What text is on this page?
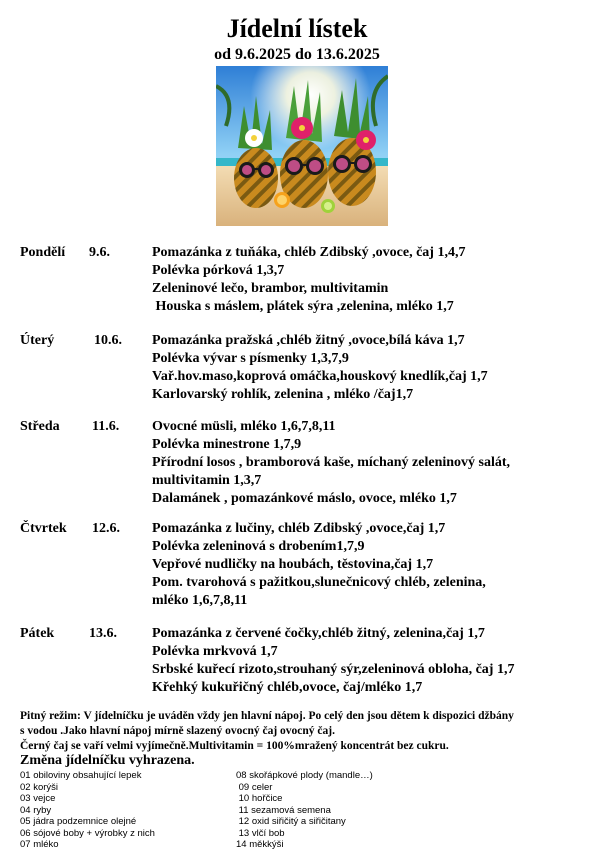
Jídelní lístek
od 9.6.2025 do 13.6.2025
Pondělí 9.6.	Pomazánka z tuňáka, chléb Zdibský ,ovoce, čaj 1,4,7
Polévka pórková 1,3,7
Zeleninové lečo, brambor, multivitamin
Houska s máslem, plátek sýra ,zelenina, mléko 1,7
Úterý	10.6. Pomazánka pražská ,chléb žitný ,ovoce,bílá káva 1,7
Polévka vývar s písmenky 1,3,7,9
Vař.hov.maso,koprová omáčka,houskový knedlík,čaj 1,7
Karlovarský rohlík, zelenina , mléko /čaj1,7
Středa 11.6. Ovocné müsli, mléko 1,6,7,8,11
Polévka minestrone 1,7,9
Přírodní losos , bramborová kaše, míchaný zeleninový salát,
multivitamin 1,3,7
Dalamánek , pomazánkové máslo, ovoce, mléko 1,7
Čtvrtek 12.6. Pomazánka z lučiny, chléb Zdibský ,ovoce,čaj 1,7
Polévka zeleninová s drobením1,7,9
Vepřové nudličky na houbách, těstovina,čaj 1,7
Pom. tvarohová s pažitkou,slunečnicový chléb, zelenina,
mléko 1,6,7,8,11
Pátek 13.6.	Pomazánka z červené čočky,chléb žitný, zelenina,čaj 1,7
Polévka mrkvová 1,7
Srbské kuřecí rizoto,strouhaný sýr,zeleninová obloha, čaj 1,7
Křehký kukuřičný chléb,ovoce, čaj/mléko 1,7
Pitný režim: V jídelníčku je uváděn vždy jen hlavní nápoj. Po celý den jsou dětem k dispozici džbány
s vodou .Jako hlavní nápoj mírně slazený ovocný čaj ovocný čaj.
Černý čaj se vaří velmi vyjímečně.Multivitamin = 100%mražený koncentrát bez cukru.
Změna jídelníčku vyhrazena.
01 obiloviny obsahující lepek
02 korýši
03 vejce
04 ryby
05 jádra podzemnice olejné
06 sójové boby + výrobky z nich
07 mléko
08 skořápkové plody (mandle…)
09 celer
10 hořčice
11 sezamová semena
12 oxid siřičitý a siřičitany
13 vlčí bob
14 měkkýši
